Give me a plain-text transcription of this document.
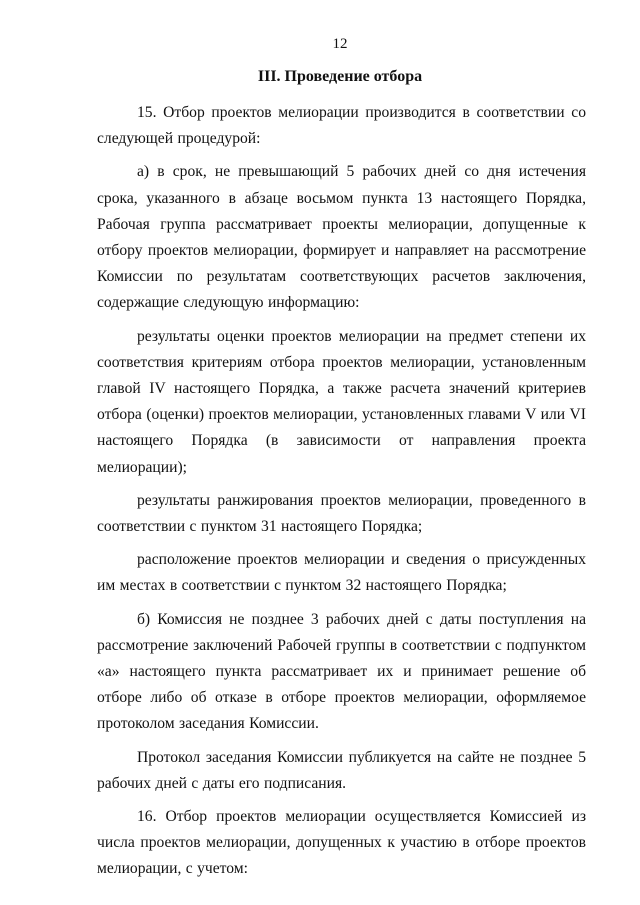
12
III. Проведение отбора

15. Отбор проектов мелиорации производится в соответствии со следующей процедурой:

а) в срок, не превышающий 5 рабочих дней со дня истечения срока, указанного в абзаце восьмом пункта 13 настоящего Порядка, Рабочая группа рассматривает проекты мелиорации, допущенные к отбору проектов мелиорации, формирует и направляет на рассмотрение Комиссии по результатам соответствующих расчетов заключения, содержащие следующую информацию:

результаты оценки проектов мелиорации на предмет степени их соответствия критериям отбора проектов мелиорации, установленным главой IV настоящего Порядка, а также расчета значений критериев отбора (оценки) проектов мелиорации, установленных главами V или VI настоящего Порядка (в зависимости от направления проекта мелиорации);

результаты ранжирования проектов мелиорации, проведенного в соответствии с пунктом 31 настоящего Порядка;

расположение проектов мелиорации и сведения о присужденных им местах в соответствии с пунктом 32 настоящего Порядка;

б) Комиссия не позднее 3 рабочих дней с даты поступления на рассмотрение заключений Рабочей группы в соответствии с подпунктом «а» настоящего пункта рассматривает их и принимает решение об отборе либо об отказе в отборе проектов мелиорации, оформляемое протоколом заседания Комиссии.

Протокол заседания Комиссии публикуется на сайте не позднее 5 рабочих дней с даты его подписания.

16. Отбор проектов мелиорации осуществляется Комиссией из числа проектов мелиорации, допущенных к участию в отборе проектов мелиорации, с учетом:
